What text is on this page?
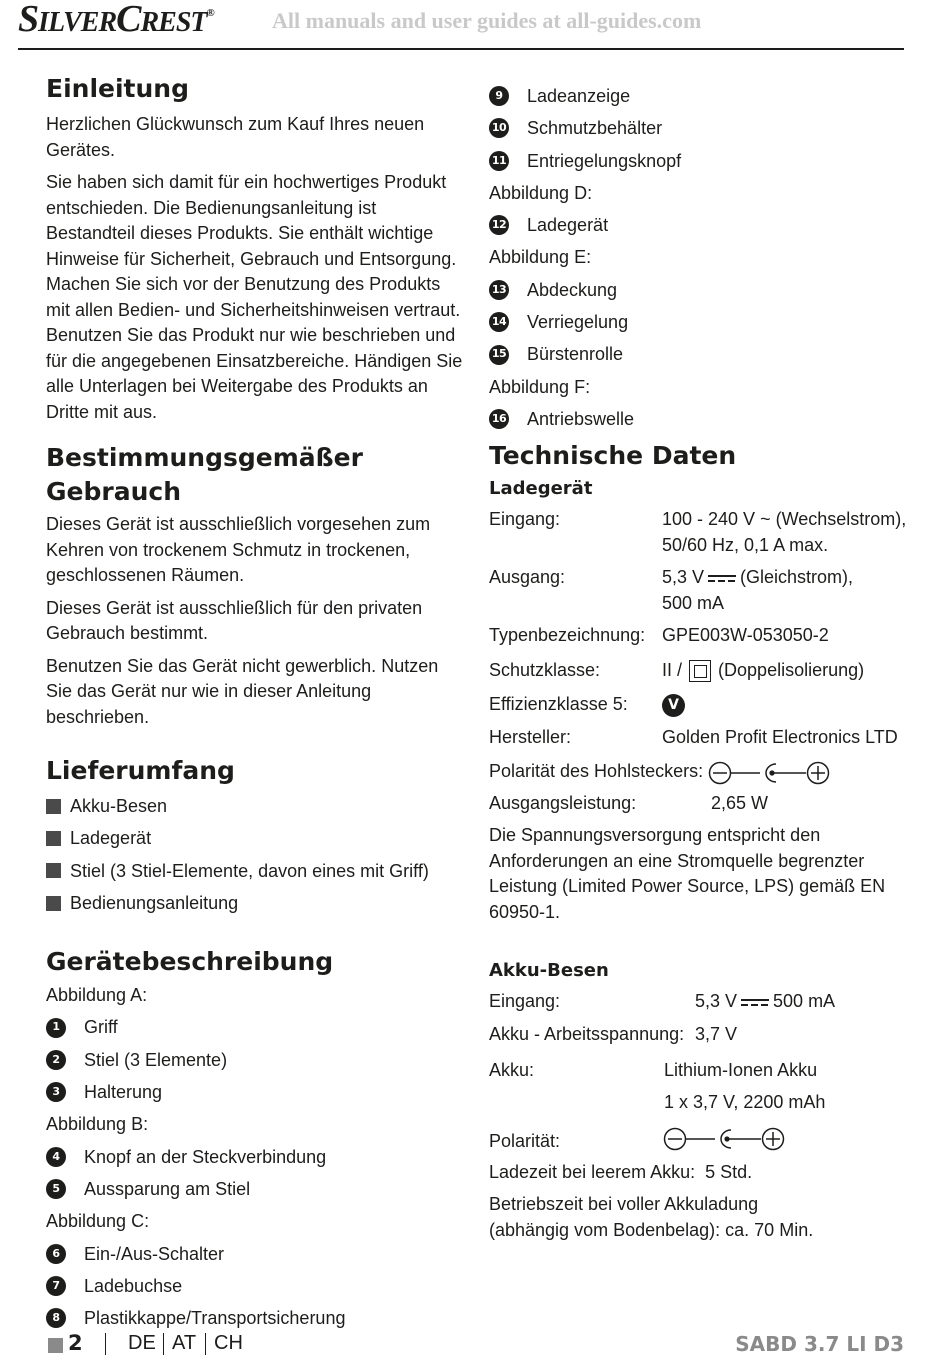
SILVERCREST®	All manuals and user guides at all-guides.com
Einleitung

Herzlichen Glückwunsch zum Kauf Ihres neuen Gerätes.

Sie haben sich damit für ein hochwertiges Produkt entschieden. Die Bedienungsanleitung ist Bestandteil dieses Produkts. Sie enthält wichtige Hinweise für Sicherheit, Gebrauch und Entsorgung. Machen Sie sich vor der Benutzung des Produkts mit allen Bedien- und Sicherheitshinweisen vertraut. Benutzen Sie das Produkt nur wie beschrieben und für die angegebenen Einsatzbereiche. Händigen Sie alle Unterlagen bei Weitergabe des Produkts an Dritte mit aus.

Bestimmungsgemäßer
Gebrauch

Dieses Gerät ist ausschließlich vorgesehen zum Kehren von trockenem Schmutz in trockenen, geschlossenen Räumen.

Dieses Gerät ist ausschließlich für den privaten Gebrauch bestimmt.

Benutzen Sie das Gerät nicht gewerblich. Nutzen Sie das Gerät nur wie in dieser Anleitung beschrieben.

Lieferumfang
Akku-Besen
Ladegerät
Stiel (3 Stiel-Elemente, davon eines mit Griff)
Bedienungsanleitung
Gerätebeschreibung
Abbildung A:
1	Griff
2	Stiel (3 Elemente)
3	Halterung
Abbildung B:
4	Knopf an der Steckverbindung
5	Aussparung am Stiel
Abbildung C:
6	Ein-/Aus-Schalter
7	Ladebuchse
8	Plastikkappe/Transportsicherung
9	Ladeanzeige
10 Schmutzbehälter
11 Entriegelungsknopf
Abbildung D:
12 Ladegerät
Abbildung E:
13 Abdeckung
14 Verriegelung
15 Bürstenrolle
Abbildung F:
16 Antriebswelle
Technische Daten
Ladegerät
Eingang:	100 - 240 V ~ (Wechselstrom),
50/60 Hz, 0,1 A max.
Ausgang:	5,3 V (Gleichstrom),
500 mA
Typenbezeichnung: GPE003W-053050-2
Schutzklasse:	II / (Doppelisolierung)
Effizienzklasse 5:	V
Hersteller:	Golden Profit Electronics LTD
Polarität des Hohlsteckers:
Ausgangsleistung:	2,65 W

Die Spannungsversorgung entspricht den Anforderungen an eine Stromquelle begrenzter Leistung (Limited Power Source, LPS) gemäß EN 60950-1.

Akku-Besen
Eingang:	5,3 V 500 mA
Akku - Arbeitsspannung: 3,7 V
Akku:	Lithium-Ionen Akku
1 x 3,7 V, 2200 mAh
Polarität:
Ladezeit bei leerem Akku:  5 Std.
Betriebszeit bei voller Akkuladung
(abhängig vom Bodenbelag): ca. 70 Min.
2 DE AT CH	SABD 3.7 LI D3
